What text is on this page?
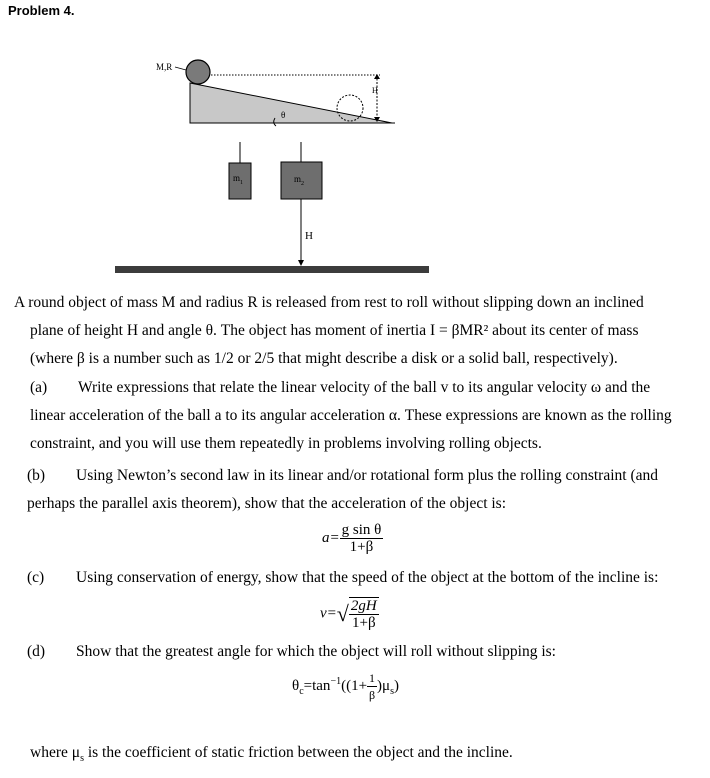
Problem 4.
M,R
H
θ
$m_1$	$m_2$
H
A round object of mass M and radius R is released from rest to roll without slipping down an inclined
plane of height H and angle θ. The object has moment of inertia I = βMR² about its center of mass
(where β is a number such as 1/2 or 2/5 that might describe a disk or a solid ball, respectively).
(a) Write expressions that relate the linear velocity of the ball v to its angular velocity ω and the
linear acceleration of the ball a to its angular acceleration α. These expressions are known as the rolling
constraint, and you will use them repeatedly in problems involving rolling objects.
(b) Using Newton’s second law in its linear and/or rotational form plus the rolling constraint (and
perhaps the parallel axis theorem), show that the acceleration of the object is:
$a= \frac{\text{g sin θ}}{1+\beta}$
(c) Using conservation of energy, show that the speed of the object at the bottom of the incline is:
$v=√ \frac{2gH}{1+\beta}$
(d) Show that the greatest angle for which the object will roll without slipping is:
$\theta_c=\tan^{-1}((1+ \frac{1}{\beta} )\mu_s)$
where $\mu_s$ is the coefficient of static friction between the object and the incline.
